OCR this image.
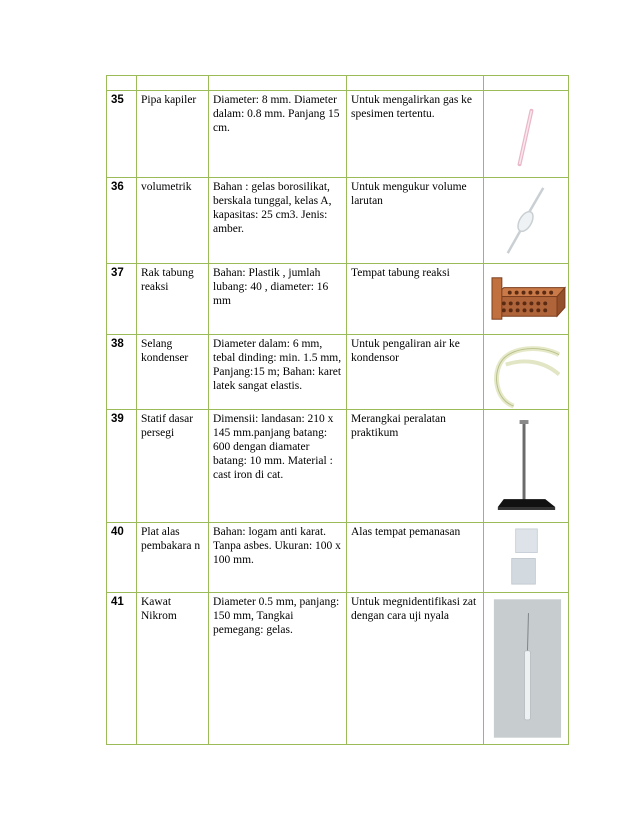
35	Pipa kapiler	Diameter: 8 mm. Diameter dalam: 0.8 mm. Panjang 15 cm.	Untuk mengalirkan gas ke spesimen tertentu.	

36	volumetrik	Bahan : gelas borosilikat, berskala tunggal, kelas A, kapasitas: 25 cm3. Jenis: amber.	Untuk mengukur volume larutan	

37	Rak tabung reaksi	Bahan: Plastik , jumlah lubang: 40 , diameter: 16 mm	Tempat tabung reaksi	

38	Selang kondenser	Diameter dalam: 6 mm, tebal dinding: min. 1.5 mm, Panjang:15 m; Bahan: karet latek sangat elastis.	Untuk pengaliran air ke kondensor	

39	Statif dasar persegi	Dimensii: landasan: 210 x 145 mm.panjang batang: 600 dengan diamater batang: 10 mm. Material : cast iron di cat.	Merangkai peralatan praktikum	

40	Plat alas pembakara n	Bahan: logam anti karat. Tanpa asbes. Ukuran: 100 x 100 mm.	Alas tempat pemanasan	

41	Kawat Nikrom	Diameter 0.5 mm, panjang: 150 mm, Tangkai pemegang: gelas.	Untuk megnidentifikasi zat dengan cara uji nyala	
